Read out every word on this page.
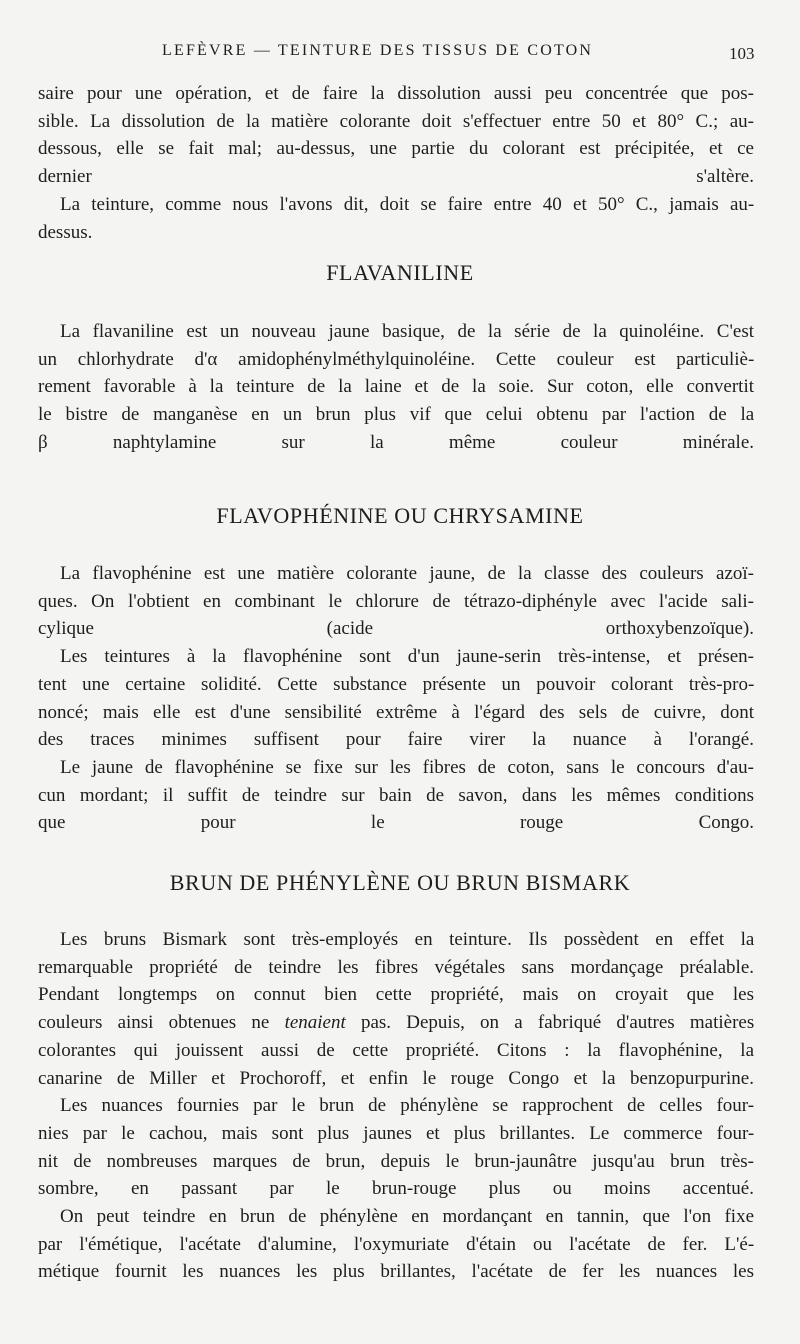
LEFÈVRE — TEINTURE DES TISSUS DE COTON	103
saire pour une opération, et de faire la dissolution aussi peu concentrée que pos-
sible. La dissolution de la matière colorante doit s'effectuer entre 50 et 80° C.; au-
dessous, elle se fait mal; au-dessus, une partie du colorant est précipitée, et ce
dernier s'altère.
La teinture, comme nous l'avons dit, doit se faire entre 40 et 50° C., jamais au-
dessus.
FLAVANILINE
La flavaniline est un nouveau jaune basique, de la série de la quinoléine. C'est
un chlorhydrate d'α amidophénylméthylquinoléine. Cette couleur est particuliè-
rement favorable à la teinture de la laine et de la soie. Sur coton, elle convertit
le bistre de manganèse en un brun plus vif que celui obtenu par l'action de la
β naphtylamine sur la même couleur minérale.
FLAVOPHÉNINE OU CHRYSAMINE
La flavophénine est une matière colorante jaune, de la classe des couleurs azoï-
ques. On l'obtient en combinant le chlorure de tétrazo-diphényle avec l'acide sali-
cylique (acide orthoxybenzoïque).
Les teintures à la flavophénine sont d'un jaune-serin très-intense, et présen-
tent une certaine solidité. Cette substance présente un pouvoir colorant très-pro-
noncé; mais elle est d'une sensibilité extrême à l'égard des sels de cuivre, dont
des traces minimes suffisent pour faire virer la nuance à l'orangé.
Le jaune de flavophénine se fixe sur les fibres de coton, sans le concours d'au-
cun mordant; il suffit de teindre sur bain de savon, dans les mêmes conditions
que pour le rouge Congo.
BRUN DE PHÉNYLÈNE OU BRUN BISMARK
Les bruns Bismark sont très-employés en teinture. Ils possèdent en effet la
remarquable propriété de teindre les fibres végétales sans mordançage préalable.
Pendant longtemps on connut bien cette propriété, mais on croyait que les
couleurs ainsi obtenues ne tenaient pas. Depuis, on a fabriqué d'autres matières
colorantes qui jouissent aussi de cette propriété. Citons : la flavophénine, la
canarine de Miller et Prochoroff, et enfin le rouge Congo et la benzopurpurine.
Les nuances fournies par le brun de phénylène se rapprochent de celles four-
nies par le cachou, mais sont plus jaunes et plus brillantes. Le commerce four-
nit de nombreuses marques de brun, depuis le brun-jaunâtre jusqu'au brun très-
sombre, en passant par le brun-rouge plus ou moins accentué.
On peut teindre en brun de phénylène en mordançant en tannin, que l'on fixe
par l'émétique, l'acétate d'alumine, l'oxymuriate d'étain ou l'acétate de fer. L'é-
métique fournit les nuances les plus brillantes, l'acétate de fer les nuances les
